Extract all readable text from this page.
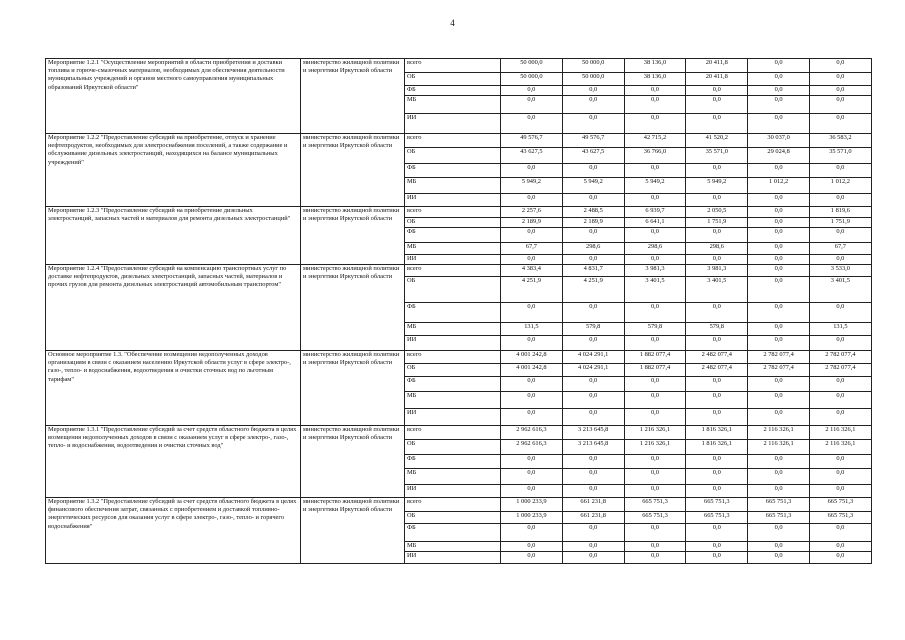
4
Мероприятие 1.2.1 "Осуществление мероприятий в области приобретения и доставки топлива и горюче-смазочных материалов, необходимых для обеспечения деятельности муниципальных учреждений и органов местного самоуправления муниципальных образований Иркутской области"	министерство жилищной политики и энергетики Иркутской области	всего	50 000,0	50 000,0	38 136,0	20 411,8	0,0	0,0
		ОБ	50 000,0	50 000,0	38 136,0	20 411,8	0,0	0,0
		ФБ	0,0	0,0	0,0	0,0	0,0	0,0
		МБ	0,0	0,0	0,0	0,0	0,0	0,0
		ИИ	0,0	0,0	0,0	0,0	0,0	0,0
Мероприятие 1.2.2 "Предоставление субсидий на приобретение, отпуск и хранение нефтепродуктов, необходимых для электроснабжения поселений, а также содержание и обслуживание дизельных электростанций, находящихся на балансе муниципальных учреждений"	министерство жилищной политики и энергетики Иркутской области	всего	49 576,7	49 576,7	42 715,2	41 520,2	30 037,0	36 583,2
		ОБ	43 627,5	43 627,5	36 766,0	35 571,0	29 024,8	35 571,0
		ФБ	0,0	0,0	0,0	0,0	0,0	0,0
		МБ	5 949,2	5 949,2	5 949,2	5 949,2	1 012,2	1 012,2
		ИИ	0,0	0,0	0,0	0,0	0,0	0,0
Мероприятие 1.2.3 "Предоставление субсидий на приобретение дизельных электростанций, запасных частей и материалов для ремонта дизельных электростанций"	министерство жилищной политики и энергетики Иркутской области	всего	2 257,6	2 488,5	6 939,7	2 050,5	0,0	1 819,6
		ОБ	2 189,9	2 189,9	6 641,1	1 751,9	0,0	1 751,9
		ФБ	0,0	0,0	0,0	0,0	0,0	0,0
		МБ	67,7	298,6	298,6	298,6	0,0	67,7
		ИИ	0,0	0,0	0,0	0,0	0,0	0,0
Мероприятие 1.2.4 "Предоставление субсидий на компенсацию транспортных услуг по доставке нефтепродуктов, дизельных электростанций, запасных частей, материалов и прочих грузов для ремонта дизельных электростанций автомобильным транспортом"	министерство жилищной политики и энергетики Иркутской области	всего	4 383,4	4 831,7	3 981,3	3 981,3	0,0	3 533,0
		ОБ	4 251,9	4 251,9	3 401,5	3 401,5	0,0	3 401,5
		ФБ	0,0	0,0	0,0	0,0	0,0	0,0
		МБ	131,5	579,8	579,8	579,8	0,0	131,5
		ИИ	0,0	0,0	0,0	0,0	0,0	0,0
Основное мероприятие 1.3. "Обеспечение возмещения недополученных доходов организациям в связи с оказанием населению Иркутской области услуг в сфере электро-, газо-, тепло- и водоснабжения, водоотведения и очистки сточных вод по льготным тарифам"	министерство жилищной политики и энергетики Иркутской области	всего	4 001 242,8	4 024 291,1	1 882 077,4	2 482 077,4	2 782 077,4	2 782 077,4
		ОБ	4 001 242,8	4 024 291,1	1 882 077,4	2 482 077,4	2 782 077,4	2 782 077,4
		ФБ	0,0	0,0	0,0	0,0	0,0	0,0
		МБ	0,0	0,0	0,0	0,0	0,0	0,0
		ИИ	0,0	0,0	0,0	0,0	0,0	0,0
Мероприятие 1.3.1 "Предоставление субсидий за счет средств областного бюджета в целях возмещения недополученных доходов в связи с оказанием услуг в сфере электро-, газо-, тепло- и водоснабжения, водоотведения и очистки сточных вод"	министерство жилищной политики и энергетики Иркутской области	всего	2 962 616,3	3 213 645,8	1 216 326,1	1 816 326,1	2 116 326,1	2 116 326,1
		ОБ	2 962 616,3	3 213 645,8	1 216 326,1	1 816 326,1	2 116 326,1	2 116 326,1
		ФБ	0,0	0,0	0,0	0,0	0,0	0,0
		МБ	0,0	0,0	0,0	0,0	0,0	0,0
		ИИ	0,0	0,0	0,0	0,0	0,0	0,0
Мероприятие 1.3.2 "Предоставление субсидий за счет средств областного бюджета в целях финансового обеспечения затрат, связанных с приобретением и доставкой топливно-энергетических ресурсов для оказания услуг в сфере электро-, газо-, тепло- и горячего водоснабжения"	министерство жилищной политики и энергетики Иркутской области	всего	1 000 233,9	661 231,8	665 751,3	665 751,3	665 751,3	665 751,3
		ОБ	1 000 233,9	661 231,8	665 751,3	665 751,3	665 751,3	665 751,3
		ФБ	0,0	0,0	0,0	0,0	0,0	0,0
		МБ	0,0	0,0	0,0	0,0	0,0	0,0
		ИИ	0,0	0,0	0,0	0,0	0,0	0,0
